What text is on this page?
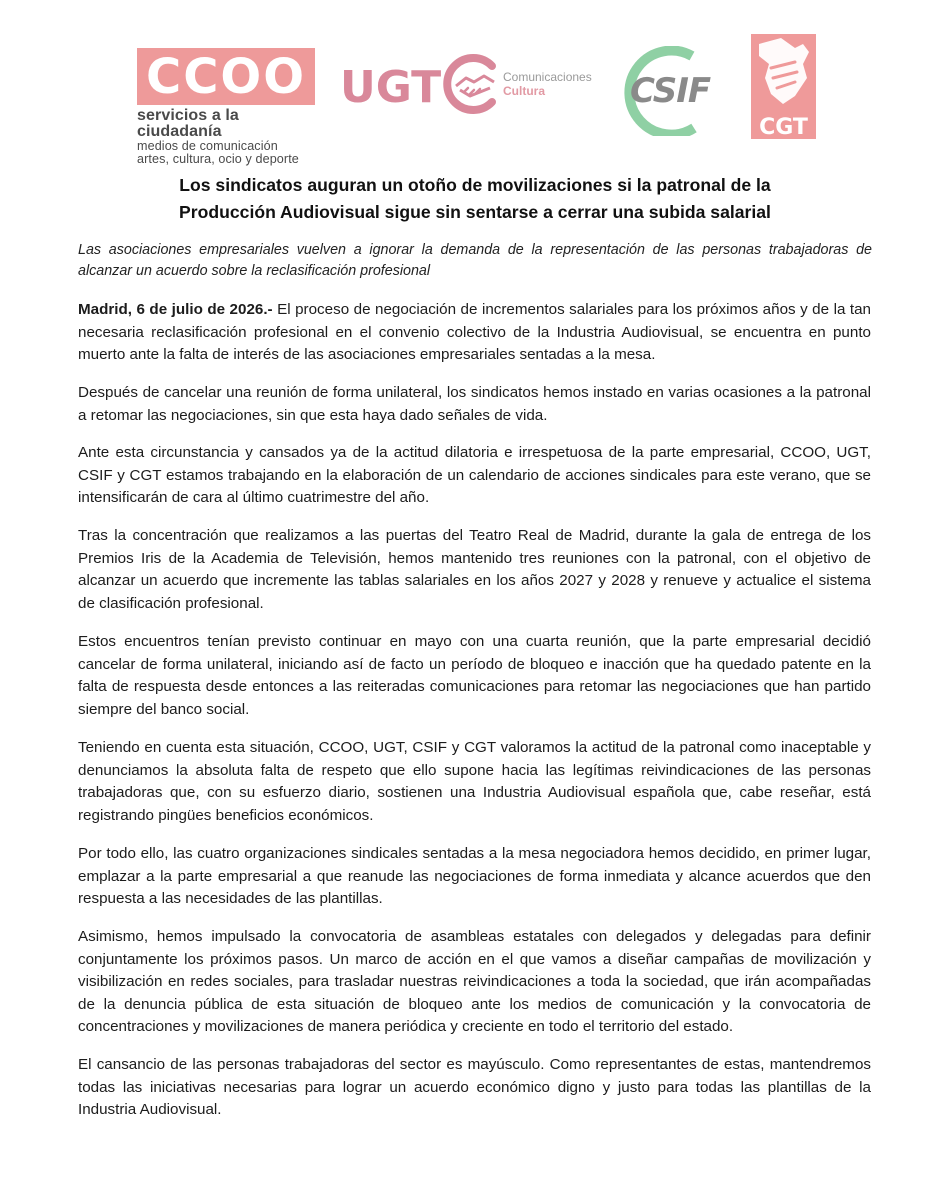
CCOO
servicios a la ciudadanía
medios de comunicación
artes, cultura, ocio y deporte
UGT	Comunicaciones
Cultura	CSIF
CGT
Los sindicatos auguran un otoño de movilizaciones si la patronal de la
Producción Audiovisual sigue sin sentarse a cerrar una subida salarial
Las asociaciones empresariales vuelven a ignorar la demanda de la representación de las personas trabajadoras de alcanzar un acuerdo sobre la reclasificación profesional

Madrid, 6 de julio de 2026.- El proceso de negociación de incrementos salariales para los próximos años y de la tan necesaria reclasificación profesional en el convenio colectivo de la Industria Audiovisual, se encuentra en punto muerto ante la falta de interés de las asociaciones empresariales sentadas a la mesa.

Después de cancelar una reunión de forma unilateral, los sindicatos hemos instado en varias ocasiones a la patronal a retomar las negociaciones, sin que esta haya dado señales de vida.

Ante esta circunstancia y cansados ya de la actitud dilatoria e irrespetuosa de la parte empresarial, CCOO, UGT, CSIF y CGT estamos trabajando en la elaboración de un calendario de acciones sindicales para este verano, que se intensificarán de cara al último cuatrimestre del año.

Tras la concentración que realizamos a las puertas del Teatro Real de Madrid, durante la gala de entrega de los Premios Iris de la Academia de Televisión, hemos mantenido tres reuniones con la patronal, con el objetivo de alcanzar un acuerdo que incremente las tablas salariales en los años 2027 y 2028 y renueve y actualice el sistema de clasificación profesional.

Estos encuentros tenían previsto continuar en mayo con una cuarta reunión, que la parte empresarial decidió cancelar de forma unilateral, iniciando así de facto un período de bloqueo e inacción que ha quedado patente en la falta de respuesta desde entonces a las reiteradas comunicaciones para retomar las negociaciones que han partido siempre del banco social.

Teniendo en cuenta esta situación, CCOO, UGT, CSIF y CGT valoramos la actitud de la patronal como inaceptable y denunciamos la absoluta falta de respeto que ello supone hacia las legítimas reivindicaciones de las personas trabajadoras que, con su esfuerzo diario, sostienen una Industria Audiovisual española que, cabe reseñar, está registrando pingües beneficios económicos.

Por todo ello, las cuatro organizaciones sindicales sentadas a la mesa negociadora hemos decidido, en primer lugar, emplazar a la parte empresarial a que reanude las negociaciones de forma inmediata y alcance acuerdos que den respuesta a las necesidades de las plantillas.

Asimismo, hemos impulsado la convocatoria de asambleas estatales con delegados y delegadas para definir conjuntamente los próximos pasos. Un marco de acción en el que vamos a diseñar campañas de movilización y visibilización en redes sociales, para trasladar nuestras reivindicaciones a toda la sociedad, que irán acompañadas de la denuncia pública de esta situación de bloqueo ante los medios de comunicación y la convocatoria de concentraciones y movilizaciones de manera periódica y creciente en todo el territorio del estado.

El cansancio de las personas trabajadoras del sector es mayúsculo. Como representantes de estas, mantendremos todas las iniciativas necesarias para lograr un acuerdo económico digno y justo para todas las plantillas de la Industria Audiovisual.
